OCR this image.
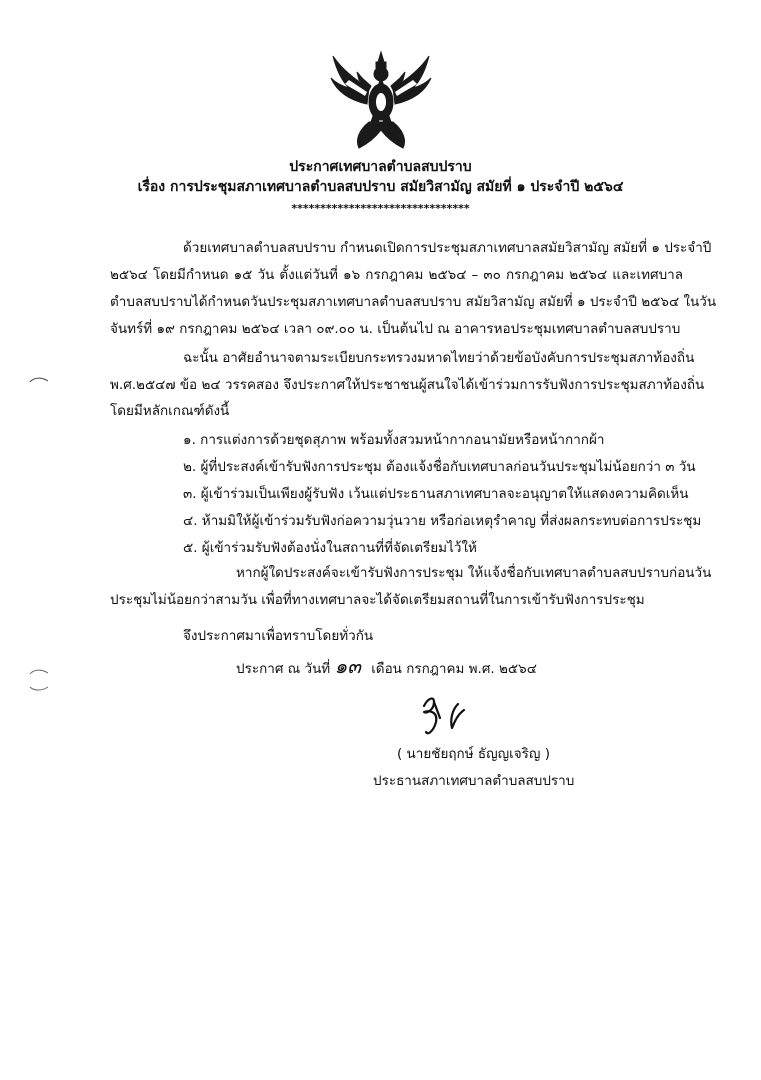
ประกาศเทศบาลตำบลสบปราบ
เรื่อง การประชุมสภาเทศบาลตำบลสบปราบ สมัยวิสามัญ สมัยที่ ๑ ประจำปี ๒๕๖๔
*******************************
ด้วยเทศบาลตำบลสบปราบ กำหนดเปิดการประชุมสภาเทศบาลสมัยวิสามัญ สมัยที่ ๑ ประจำปี
๒๕๖๔ โดยมีกำหนด ๑๕ วัน ตั้งแต่วันที่ ๑๖ กรกฎาคม ๒๕๖๔ – ๓๐ กรกฎาคม ๒๕๖๔ และเทศบาล
ตำบลสบปราบได้กำหนดวันประชุมสภาเทศบาลตำบลสบปราบ สมัยวิสามัญ สมัยที่ ๑ ประจำปี ๒๕๖๔ ในวัน
จันทร์ที่ ๑๙ กรกฎาคม ๒๕๖๔ เวลา ๐๙.๐๐ น. เป็นต้นไป ณ อาคารหอประชุมเทศบาลตำบลสบปราบ
ฉะนั้น อาศัยอำนาจตามระเบียบกระทรวงมหาดไทยว่าด้วยข้อบังคับการประชุมสภาท้องถิ่น
พ.ศ.๒๕๔๗ ข้อ ๒๔ วรรคสอง จึงประกาศให้ประชาชนผู้สนใจได้เข้าร่วมการรับฟังการประชุมสภาท้องถิ่น
โดยมีหลักเกณฑ์ดังนี้
๑. การแต่งการด้วยชุดสุภาพ พร้อมทั้งสวมหน้ากากอนามัยหรือหน้ากากผ้า
๒. ผู้ที่ประสงค์เข้ารับฟังการประชุม ต้องแจ้งชื่อกับเทศบาลก่อนวันประชุมไม่น้อยกว่า ๓ วัน
๓. ผู้เข้าร่วมเป็นเพียงผู้รับฟัง เว้นแต่ประธานสภาเทศบาลจะอนุญาตให้แสดงความคิดเห็น
๔. ห้ามมิให้ผู้เข้าร่วมรับฟังก่อความวุ่นวาย หรือก่อเหตุรำคาญ ที่ส่งผลกระทบต่อการประชุม
๕. ผู้เข้าร่วมรับฟังต้องนั่งในสถานที่ที่จัดเตรียมไว้ให้
หากผู้ใดประสงค์จะเข้ารับฟังการประชุม ให้แจ้งชื่อกับเทศบาลตำบลสบปราบก่อนวัน
ประชุมไม่น้อยกว่าสามวัน เพื่อที่ทางเทศบาลจะได้จัดเตรียมสถานที่ในการเข้ารับฟังการประชุม
จึงประกาศมาเพื่อทราบโดยทั่วกัน
ประกาศ ณ วันที่ ๑๓ เดือน กรกฎาคม พ.ศ. ๒๕๖๔
( นายชัยฤกษ์ ธัญญเจริญ )
ประธานสภาเทศบาลตำบลสบปราบ
